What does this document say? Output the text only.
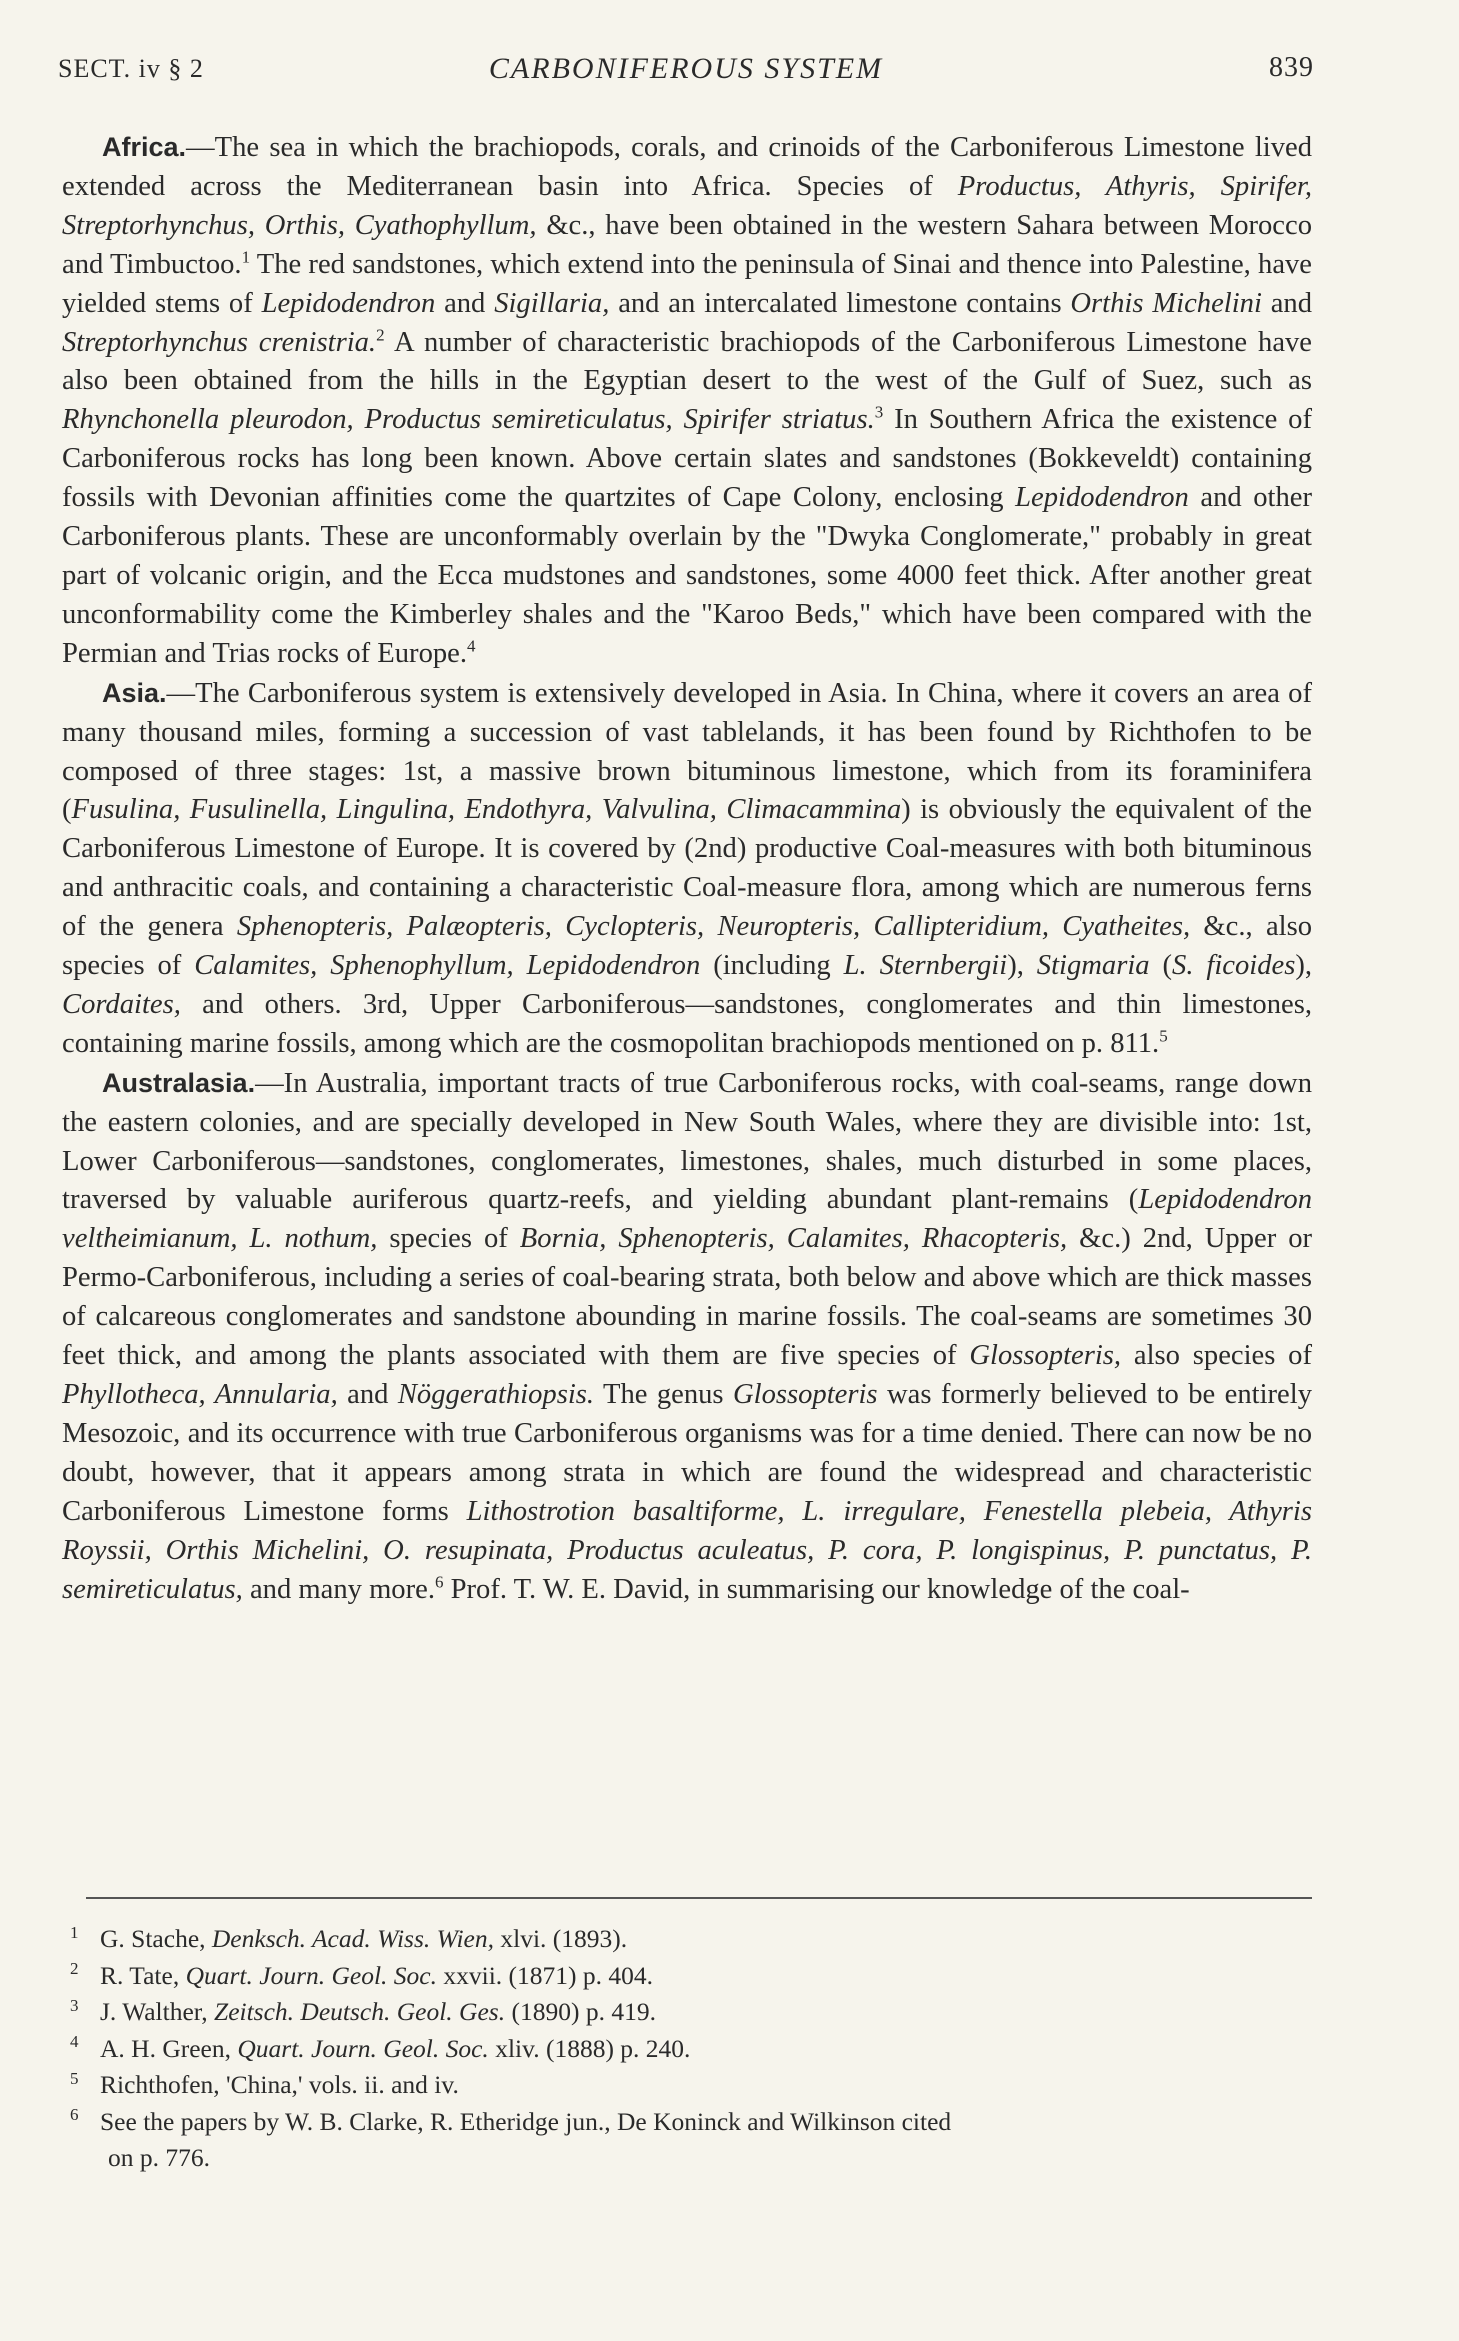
SECT. iv § 2	CARBONIFEROUS SYSTEM	839

Africa.—The sea in which the brachiopods, corals, and crinoids of the Carboniferous Limestone lived extended across the Mediterranean basin into Africa. Species of Productus, Athyris, Spirifer, Streptorhynchus, Orthis, Cyathophyllum, &c., have been obtained in the western Sahara between Morocco and Timbuctoo.$^1$ The red sandstones, which extend into the peninsula of Sinai and thence into Palestine, have yielded stems of Lepidodendron and Sigillaria, and an intercalated limestone contains Orthis Michelini and Streptorhynchus crenistria.$^2$ A number of characteristic brachiopods of the Carboniferous Limestone have also been obtained from the hills in the Egyptian desert to the west of the Gulf of Suez, such as Rhynchonella pleurodon, Productus semireticulatus, Spirifer striatus.$^3$ In Southern Africa the existence of Carboniferous rocks has long been known. Above certain slates and sandstones (Bokkeveldt) containing fossils with Devonian affinities come the quartzites of Cape Colony, enclosing Lepidodendron and other Carboniferous plants. These are unconformably overlain by the "Dwyka Conglomerate," probably in great part of volcanic origin, and the Ecca mudstones and sandstones, some 4000 feet thick. After another great unconformability come the Kimberley shales and the "Karoo Beds," which have been compared with the Permian and Trias rocks of Europe.$^4$

Asia.—The Carboniferous system is extensively developed in Asia. In China, where it covers an area of many thousand miles, forming a succession of vast tablelands, it has been found by Richthofen to be composed of three stages: 1st, a massive brown bituminous limestone, which from its foraminifera (Fusulina, Fusulinella, Lingulina, Endothyra, Valvulina, Climacammina) is obviously the equivalent of the Carboniferous Limestone of Europe. It is covered by (2nd) productive Coal-measures with both bituminous and anthracitic coals, and containing a characteristic Coal-measure flora, among which are numerous ferns of the genera Sphenopteris, Palæopteris, Cyclopteris, Neuropteris, Callipteridium, Cyatheites, &c., also species of Calamites, Sphenophyllum, Lepidodendron (including L. Sternbergii), Stigmaria (S. ficoides), Cordaites, and others. 3rd, Upper Carboniferous—sandstones, conglomerates and thin limestones, containing marine fossils, among which are the cosmopolitan brachiopods mentioned on p. 811.$^5$

Australasia.—In Australia, important tracts of true Carboniferous rocks, with coal-seams, range down the eastern colonies, and are specially developed in New South Wales, where they are divisible into: 1st, Lower Carboniferous—sandstones, conglomerates, limestones, shales, much disturbed in some places, traversed by valuable auriferous quartz-reefs, and yielding abundant plant-remains (Lepidodendron veltheimianum, L. nothum, species of Bornia, Sphenopteris, Calamites, Rhacopteris, &c.) 2nd, Upper or Permo-Carboniferous, including a series of coal-bearing strata, both below and above which are thick masses of calcareous conglomerates and sandstone abounding in marine fossils. The coal-seams are sometimes 30 feet thick, and among the plants associated with them are five species of Glossopteris, also species of Phyllotheca, Annularia, and Nöggerathiopsis. The genus Glossopteris was formerly believed to be entirely Mesozoic, and its occurrence with true Carboniferous organisms was for a time denied. There can now be no doubt, however, that it appears among strata in which are found the widespread and characteristic Carboniferous Limestone forms Lithostrotion basaltiforme, L. irregulare, Fenestella plebeia, Athyris Royssii, Orthis Michelini, O. resupinata, Productus aculeatus, P. cora, P. longispinus, P. punctatus, P. semireticulatus, and many more.$^6$ Prof. T. W. E. David, in summarising our knowledge of the coal-

1 G. Stache, Denksch. Acad. Wiss. Wien, xlvi. (1893).

2 R. Tate, Quart. Journ. Geol. Soc. xxvii. (1871) p. 404.

3 J. Walther, Zeitsch. Deutsch. Geol. Ges. (1890) p. 419.

4 A. H. Green, Quart. Journ. Geol. Soc. xliv. (1888) p. 240.

5 Richthofen, 'China,' vols. ii. and iv.

6 See the papers by W. B. Clarke, R. Etheridge jun., De Koninck and Wilkinson cited

on p. 776.
